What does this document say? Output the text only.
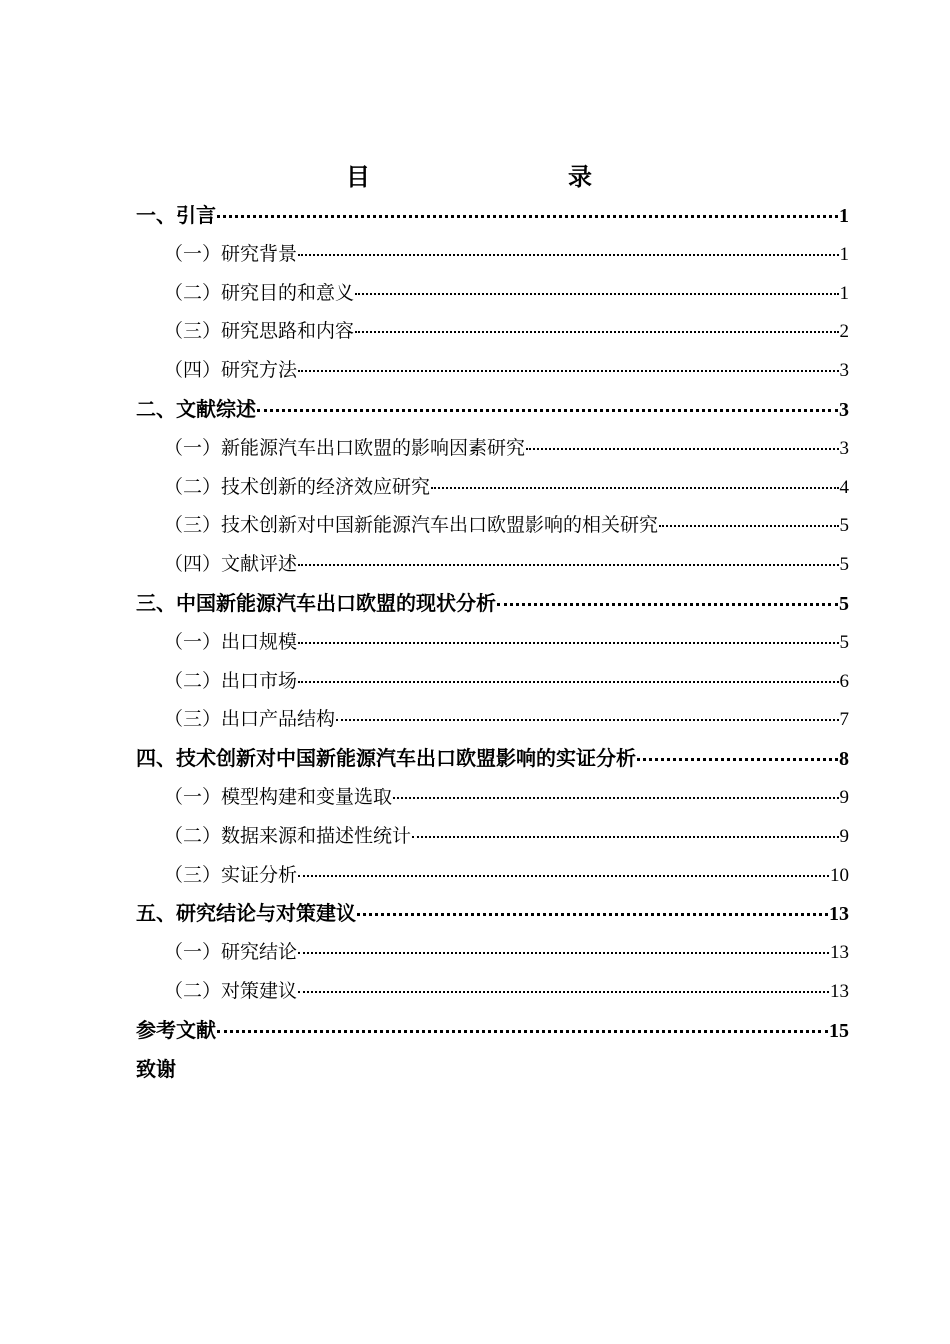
目　　录
一、引言	1
（一）研究背景	1
（二）研究目的和意义	1
（三）研究思路和内容	2
（四）研究方法	3
二、文献综述	3
（一）新能源汽车出口欧盟的影响因素研究	3
（二）技术创新的经济效应研究	4
（三）技术创新对中国新能源汽车出口欧盟影响的相关研究	5
（四）文献评述	5
三、中国新能源汽车出口欧盟的现状分析	5
（一）出口规模	5
（二）出口市场	6
（三）出口产品结构	7
四、技术创新对中国新能源汽车出口欧盟影响的实证分析	8
（一）模型构建和变量选取	9
（二）数据来源和描述性统计	9
（三）实证分析	10
五、研究结论与对策建议	13
（一）研究结论	13
（二）对策建议	13
参考文献	15
致谢
